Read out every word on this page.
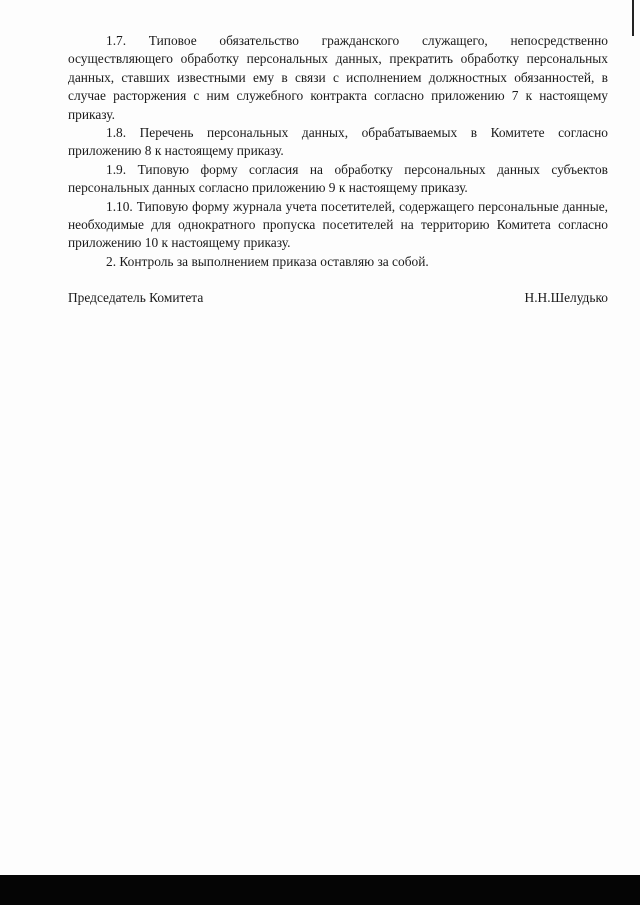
1.7. Типовое обязательство гражданского служащего, непосредственно осуществляющего обработку персональных данных, прекратить обработку персональных данных, ставших известными ему в связи с исполнением должностных обязанностей, в случае расторжения с ним служебного контракта согласно приложению 7 к настоящему приказу.

1.8. Перечень персональных данных, обрабатываемых в Комитете согласно приложению 8 к настоящему приказу.

1.9. Типовую форму согласия на обработку персональных данных субъектов персональных данных согласно приложению 9 к настоящему приказу.

1.10. Типовую форму журнала учета посетителей, содержащего персональные данные, необходимые для однократного пропуска посетителей на территорию Комитета согласно приложению 10 к настоящему приказу.

2. Контроль за выполнением приказа оставляю за собой.

Председатель Комитета	Н.Н.Шелудько
